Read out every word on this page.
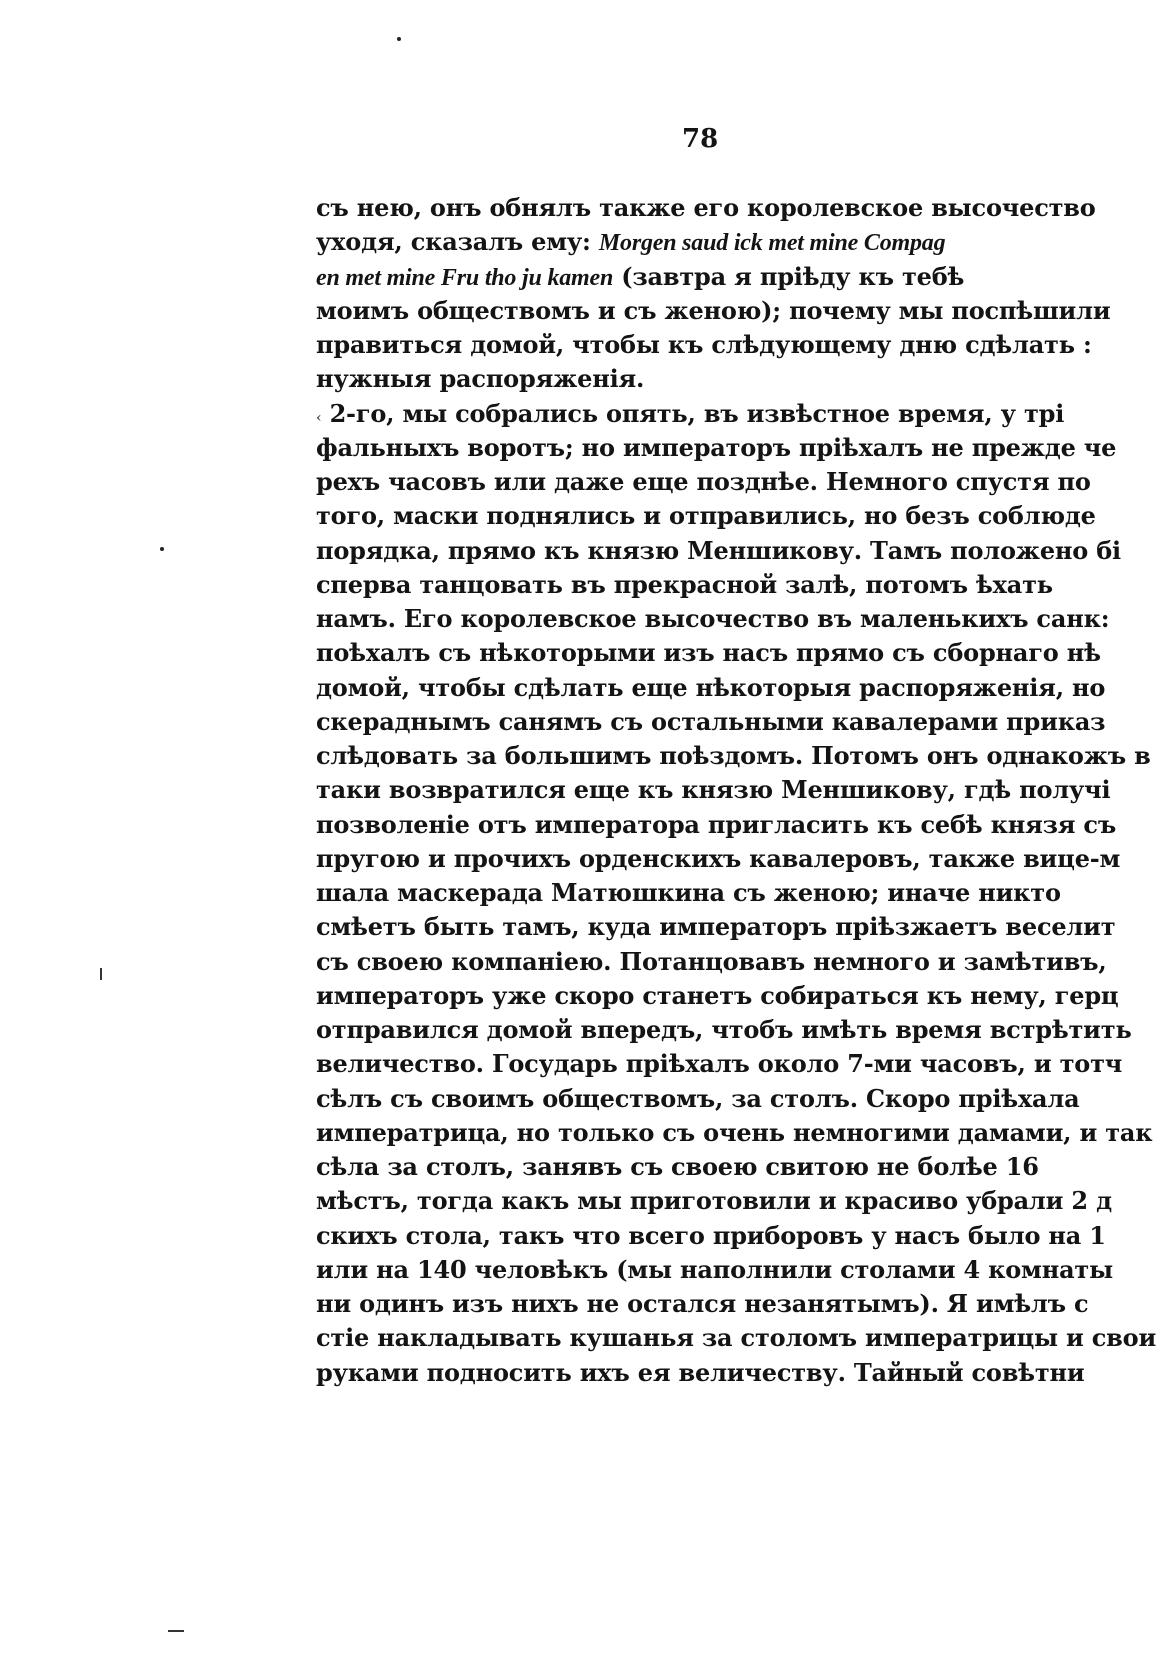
78
съ нею, онъ обнялъ также его королевское высочество
уходя, сказалъ ему: Morgen saud ick met mine Compag
en met mine Fru tho ju kamen (завтра я пріѣду къ тебѣ
моимъ обществомъ и съ женою); почему мы поспѣшили
правиться домой, чтобы къ слѣдующему дню сдѣлать :
нужныя распоряженія.
‹ 2-го, мы собрались опять, въ извѣстное время, у трі
фальныхъ воротъ; но императоръ пріѣхалъ не прежде че
рехъ часовъ или даже еще позднѣе. Немного спустя по
того, маски поднялись и отправились, но безъ соблюде
порядка, прямо къ князю Меншикову. Тамъ положено бі
сперва танцовать въ прекрасной залѣ, потомъ ѣхать
намъ. Его королевское высочество въ маленькихъ санк:
поѣхалъ съ нѣкоторыми изъ насъ прямо съ сборнаго нѣ
домой, чтобы сдѣлать еще нѣкоторыя распоряженія, но
скераднымъ санямъ съ остальными кавалерами приказ
слѣдовать за большимъ поѣздомъ. Потомъ онъ однакожъ в
таки возвратился еще къ князю Меншикову, гдѣ получі
позволеніе отъ императора пригласить къ себѣ князя съ
пругою и прочихъ орденскихъ кавалеровъ, также вице-м
шала маскерада Матюшкина съ женою; иначе никто
смѣетъ быть тамъ, куда императоръ пріѣзжаетъ веселит
съ своею компаніею. Потанцовавъ немного и замѣтивъ,
императоръ уже скоро станетъ собираться къ нему, герц
отправился домой впередъ, чтобъ имѣть время встрѣтить
величество. Государь пріѣхалъ около 7-ми часовъ, и тотч
сѣлъ съ своимъ обществомъ, за столъ. Скоро пріѣхала
императрица, но только съ очень немногими дамами, и так
сѣла за столъ, занявъ съ своею свитою не болѣе 16
мѣстъ, тогда какъ мы приготовили и красиво убрали 2 д
скихъ стола, такъ что всего приборовъ у насъ было на 1
или на 140 человѣкъ (мы наполнили столами 4 комнаты
ни одинъ изъ нихъ не остался незанятымъ). Я имѣлъ с
стіе накладывать кушанья за столомъ императрицы и свои
руками подносить ихъ ея величеству. Тайный совѣтни
